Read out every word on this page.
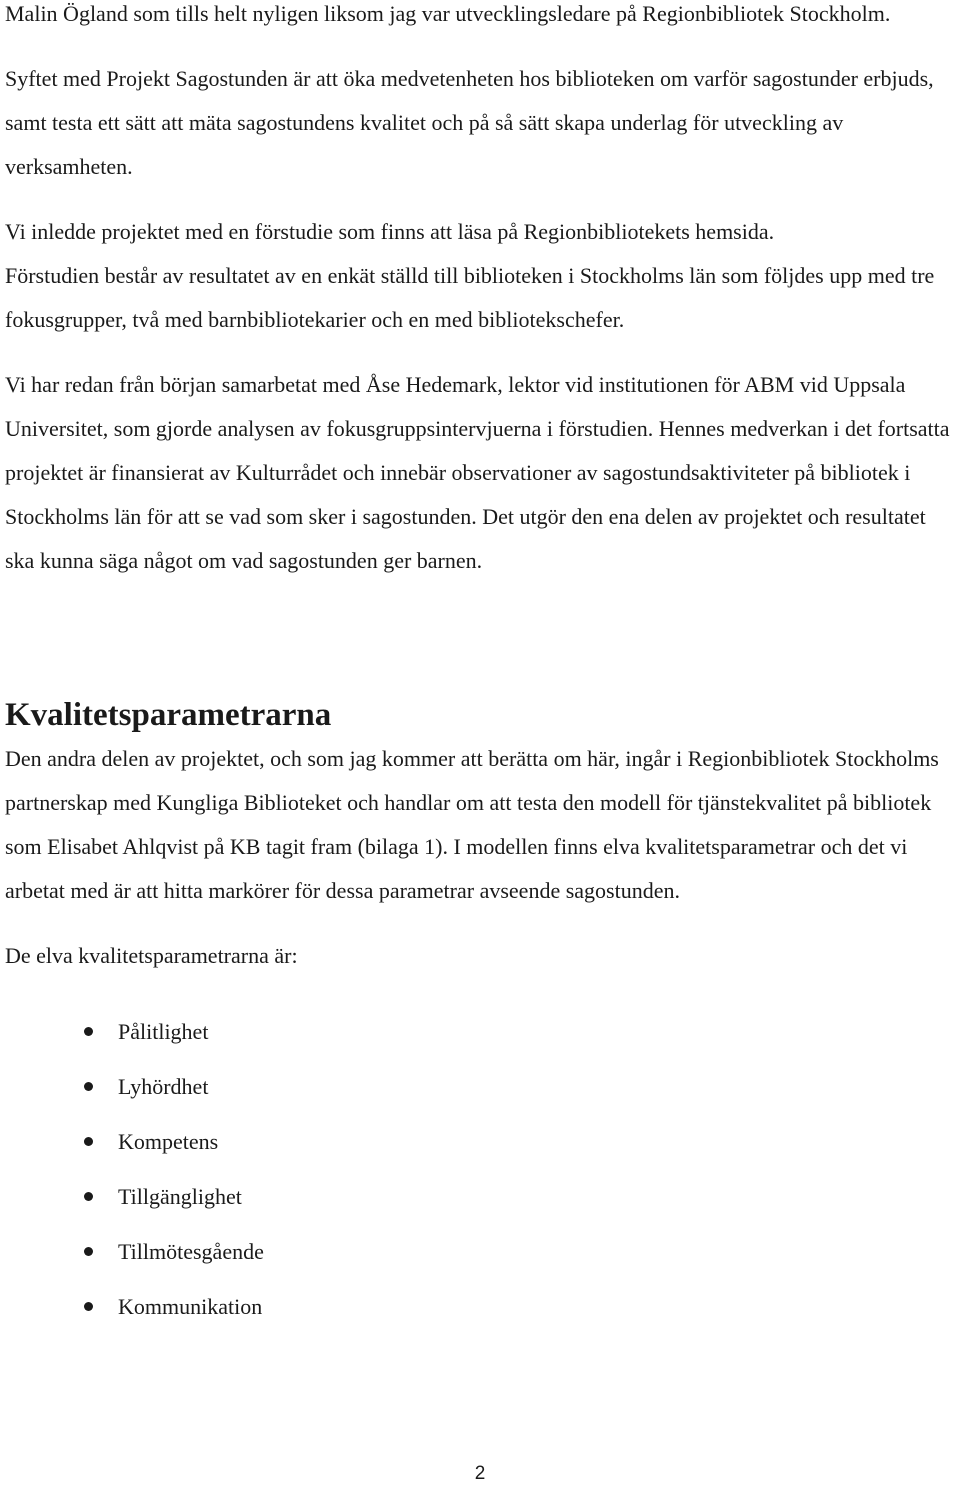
Malin Ögland som tills helt nyligen liksom jag var utvecklingsledare på Regionbibliotek Stockholm.

Syftet med Projekt Sagostunden är att öka medvetenheten hos biblioteken om varför sagostunder erbjuds, samt testa ett sätt att mäta sagostundens kvalitet och på så sätt skapa underlag för utveckling av verksamheten.

Vi inledde projektet med en förstudie som finns att läsa på Regionbibliotekets hemsida.

Förstudien består av resultatet av en enkät ställd till biblioteken i Stockholms län som följdes upp med tre fokusgrupper, två med barnbibliotekarier och en med bibliotekschefer.

Vi har redan från början samarbetat med Åse Hedemark, lektor vid institutionen för ABM vid Uppsala Universitet, som gjorde analysen av fokusgruppsintervjuerna i förstudien. Hennes medverkan i det fortsatta projektet är finansierat av Kulturrådet och innebär observationer av sagostundsaktiviteter på bibliotek i Stockholms län för att se vad som sker i sagostunden. Det utgör den ena delen av projektet och resultatet ska kunna säga något om vad sagostunden ger barnen.

Kvalitetsparametrarna

Den andra delen av projektet, och som jag kommer att berätta om här, ingår i Regionbibliotek Stockholms partnerskap med Kungliga Biblioteket och handlar om att testa den modell för tjänstekvalitet på bibliotek som Elisabet Ahlqvist på KB tagit fram (bilaga 1). I modellen finns elva kvalitetsparametrar och det vi arbetat med är att hitta markörer för dessa parametrar avseende sagostunden.

De elva kvalitetsparametrarna är:

Pålitlighet
Lyhördhet
Kompetens
Tillgänglighet
Tillmötesgående
Kommunikation
2
